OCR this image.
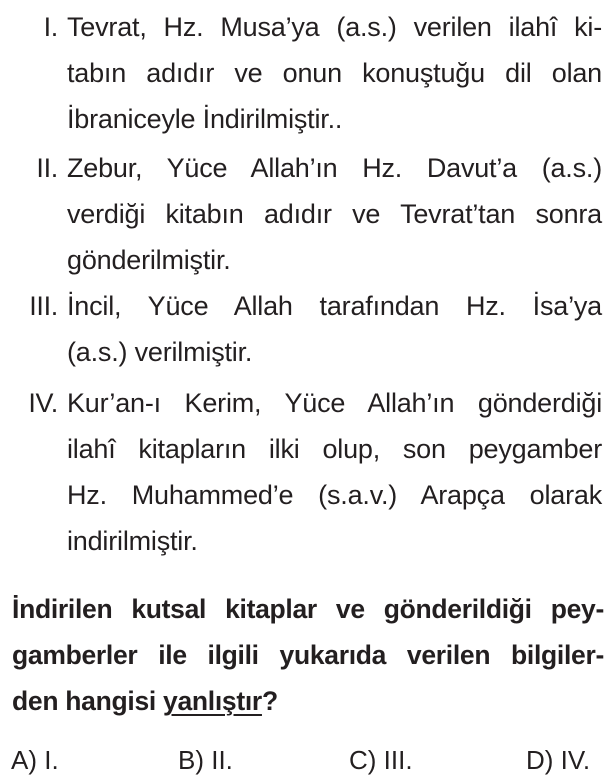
I. Tevrat, Hz. Musa’ya (a.s.) verilen ilahî ki-
tabın adıdır ve onun konuştuğu dil olan
İbraniceyle İndirilmiştir..
II. Zebur, Yüce Allah’ın Hz. Davut’a (a.s.)
verdiği kitabın adıdır ve Tevrat’tan sonra
gönderilmiştir.
III. İncil, Yüce Allah tarafından Hz. İsa’ya
(a.s.) verilmiştir.
IV. Kur’an-ı Kerim, Yüce Allah’ın gönderdiği
ilahî kitapların ilki olup, son peygamber
Hz. Muhammed’e (s.a.v.) Arapça olarak
indirilmiştir.
İndirilen kutsal kitaplar ve gönderildiği pey-
gamberler ile ilgili yukarıda verilen bilgiler-
den hangisi yanlıştır?
A) I.	B) II.	C) III.	D) IV.
